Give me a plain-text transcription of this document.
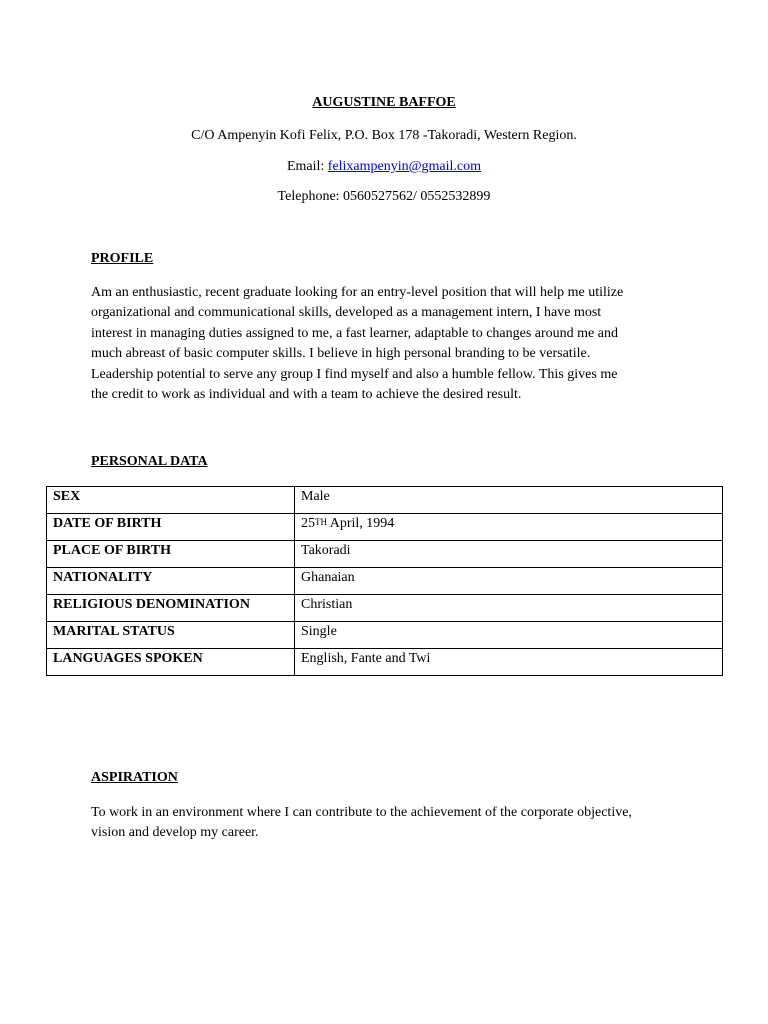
AUGUSTINE BAFFOE
C/O Ampenyin Kofi Felix, P.O. Box 178 -Takoradi, Western Region.
Email: felixampenyin@gmail.com
Telephone: 0560527562/ 0552532899
PROFILE
Am an enthusiastic, recent graduate looking for an entry-level position that will help me utilize
organizational and communicational skills, developed as a management intern, I have most
interest in managing duties assigned to me, a fast learner, adaptable to changes around me and
much abreast of basic computer skills. I believe in high personal branding to be versatile.
Leadership potential to serve any group I find myself and also a humble fellow. This gives me
the credit to work as individual and with a team to achieve the desired result.
PERSONAL DATA
SEX	Male
DATE OF BIRTH	25TH April, 1994
PLACE OF BIRTH	Takoradi
NATIONALITY	Ghanaian
RELIGIOUS DENOMINATION	Christian
MARITAL STATUS	Single
LANGUAGES SPOKEN	English, Fante and Twi
ASPIRATION
To work in an environment where I can contribute to the achievement of the corporate objective,
vision and develop my career.
